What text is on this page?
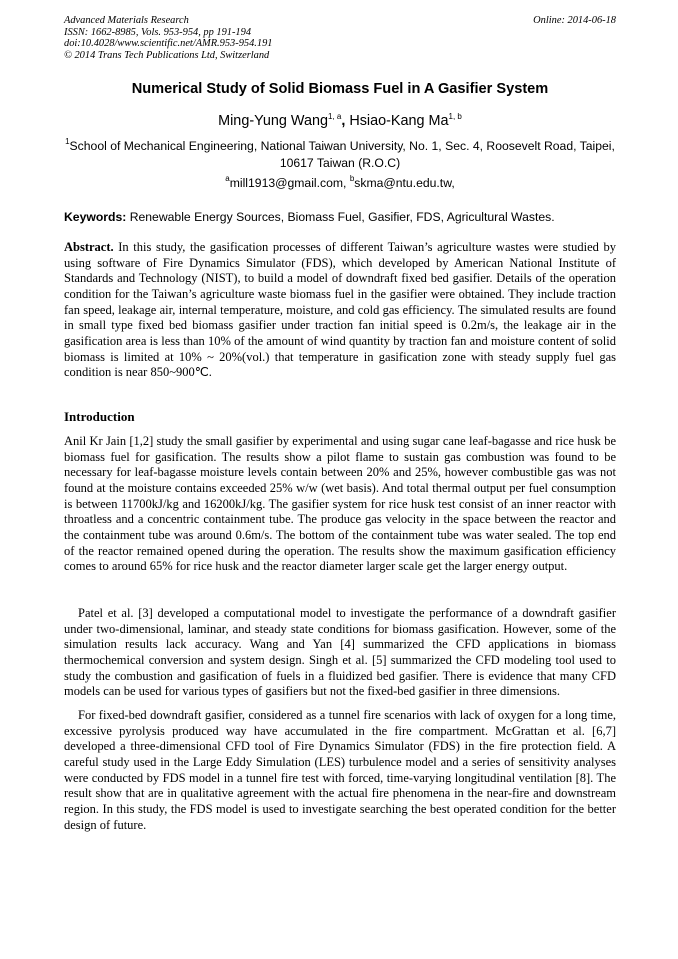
Advanced Materials Research
ISSN: 1662-8985, Vols. 953-954, pp 191-194
doi:10.4028/www.scientific.net/AMR.953-954.191
© 2014 Trans Tech Publications Ltd, Switzerland
Online: 2014-06-18
Numerical Study of Solid Biomass Fuel in A Gasifier System
Ming-Yung Wang$^{1, a}$, Hsiao-Kang Ma$^{1, b}$
$^1$School of Mechanical Engineering, National Taiwan University, No. 1, Sec. 4, Roosevelt Road, Taipei, 10617 Taiwan (R.O.C)
$^a$mill1913@gmail.com, $^b$skma@ntu.edu.tw,
Keywords: Renewable Energy Sources, Biomass Fuel, Gasifier, FDS, Agricultural Wastes.
Abstract. In this study, the gasification processes of different Taiwan’s agriculture wastes were studied by using software of Fire Dynamics Simulator (FDS), which developed by American National Institute of Standards and Technology (NIST), to build a model of downdraft fixed bed gasifier. Details of the operation condition for the Taiwan’s agriculture waste biomass fuel in the gasifier were obtained. They include traction fan speed, leakage air, internal temperature, moisture, and cold gas efficiency. The simulated results are found in small type fixed bed biomass gasifier under traction fan initial speed is 0.2m/s, the leakage air in the gasification area is less than 10% of the amount of wind quantity by traction fan and moisture content of solid biomass is limited at 10% ~ 20%(vol.) that temperature in gasification zone with steady supply fuel gas condition is near 850~900℃.
Introduction
Anil Kr Jain [1,2] study the small gasifier by experimental and using sugar cane leaf-bagasse and rice husk be biomass fuel for gasification. The results show a pilot flame to sustain gas combustion was found to be necessary for leaf-bagasse moisture levels contain between 20% and 25%, however combustible gas was not found at the moisture contains exceeded 25% w/w (wet basis). And total thermal output per fuel consumption is between 11700kJ/kg and 16200kJ/kg. The gasifier system for rice husk test consist of an inner reactor with throatless and a concentric containment tube. The produce gas velocity in the space between the reactor and the containment tube was around 0.6m/s. The bottom of the containment tube was water sealed. The top end of the reactor remained opened during the operation. The results show the maximum gasification efficiency comes to around 65% for rice husk and the reactor diameter larger scale get the larger energy output.
Patel et al. [3] developed a computational model to investigate the performance of a downdraft gasifier under two-dimensional, laminar, and steady state conditions for biomass gasification. However, some of the simulation results lack accuracy. Wang and Yan [4] summarized the CFD applications in biomass thermochemical conversion and system design. Singh et al. [5] summarized the CFD modeling tool used to study the combustion and gasification of fuels in a fluidized bed gasifier. There is evidence that many CFD models can be used for various types of gasifiers but not the fixed-bed gasifier in three dimensions.
For fixed-bed downdraft gasifier, considered as a tunnel fire scenarios with lack of oxygen for a long time, excessive pyrolysis produced way have accumulated in the fire compartment. McGrattan et al. [6,7] developed a three-dimensional CFD tool of Fire Dynamics Simulator (FDS) in the fire protection field. A careful study used in the Large Eddy Simulation (LES) turbulence model and a series of sensitivity analyses were conducted by FDS model in a tunnel fire test with forced, time-varying longitudinal ventilation [8]. The result show that are in qualitative agreement with the actual fire phenomena in the near-fire and downstream region. In this study, the FDS model is used to investigate searching the best operated condition for the better design of future.
